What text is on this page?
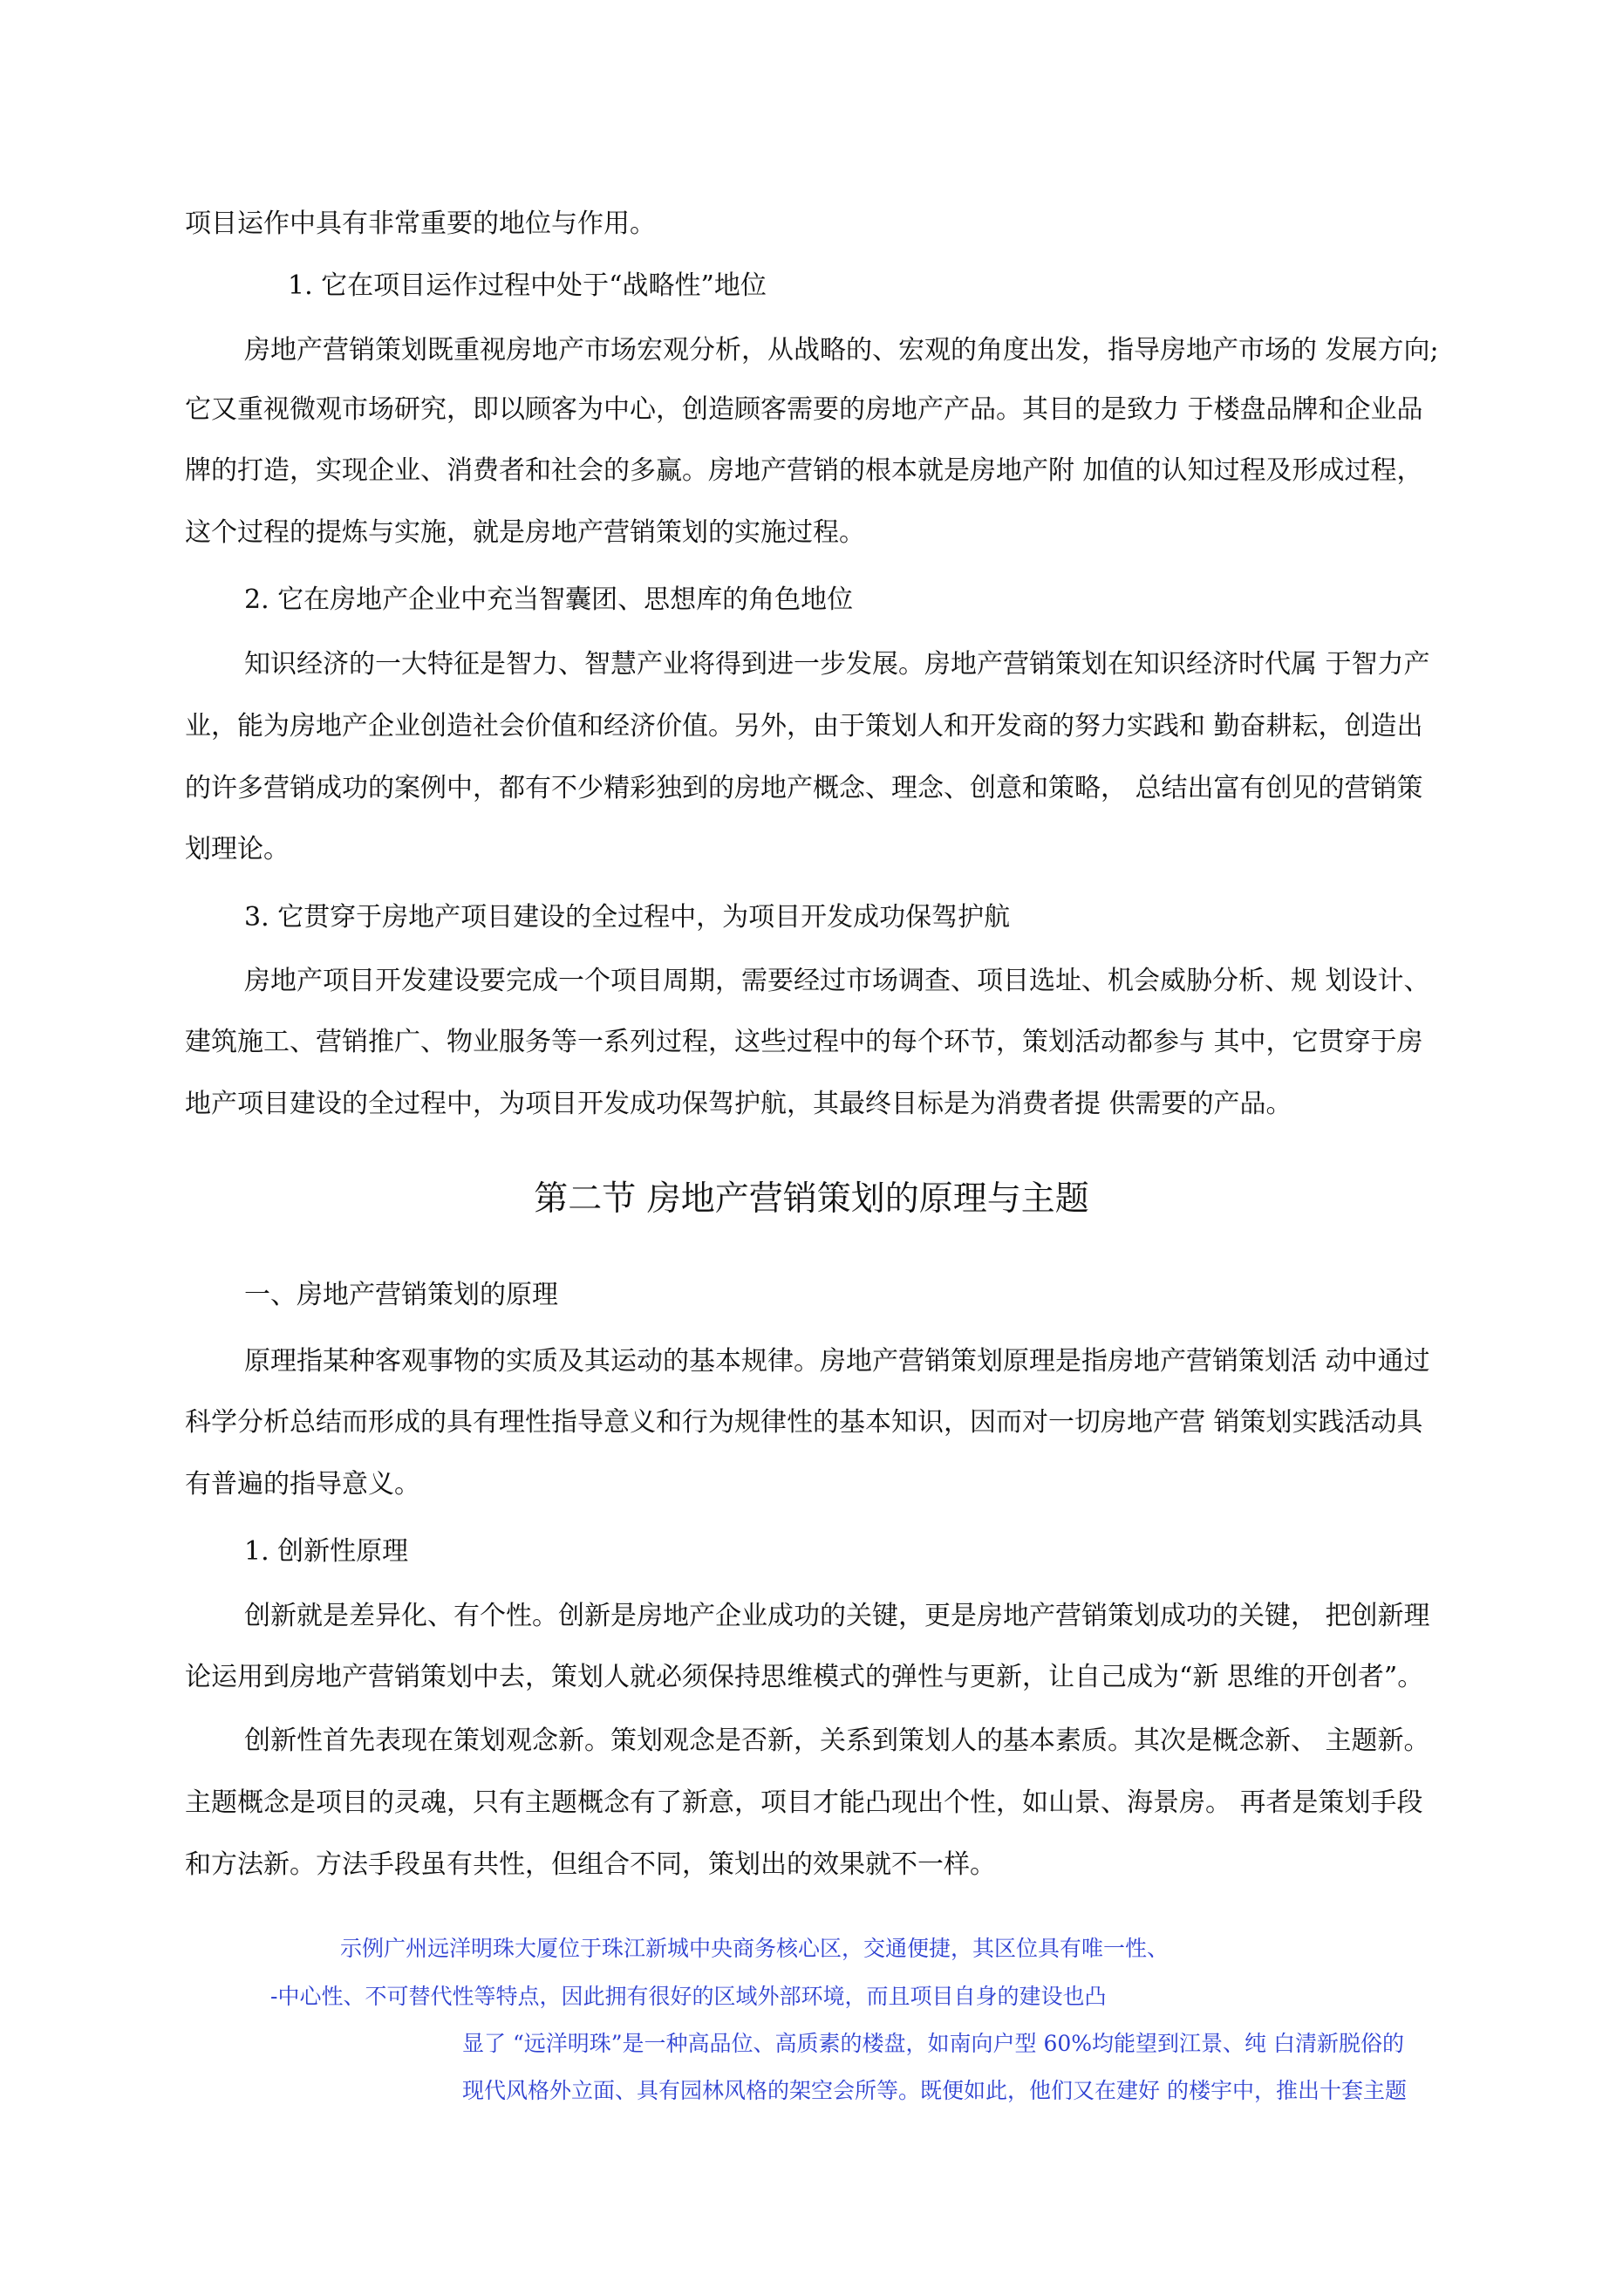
项目运作中具有非常重要的地位与作用。
1. 它在项目运作过程中处于“战略性”地位
房地产营销策划既重视房地产市场宏观分析，从战略的、宏观的角度出发，指导房地产市场的 发展方向;
它又重视微观市场研究，即以顾客为中心，创造顾客需要的房地产产品。其目的是致力 于楼盘品牌和企业品
牌的打造，实现企业、消费者和社会的多赢。房地产营销的根本就是房地产附 加值的认知过程及形成过程，
这个过程的提炼与实施，就是房地产营销策划的实施过程。
2. 它在房地产企业中充当智囊团、思想库的角色地位
知识经济的一大特征是智力、智慧产业将得到进一步发展。房地产营销策划在知识经济时代属 于智力产
业，能为房地产企业创造社会价值和经济价值。另外，由于策划人和开发商的努力实践和 勤奋耕耘，创造出
的许多营销成功的案例中，都有不少精彩独到的房地产概念、理念、创意和策略， 总结出富有创见的营销策
划理论。
3. 它贯穿于房地产项目建设的全过程中，为项目开发成功保驾护航
房地产项目开发建设要完成一个项目周期，需要经过市场调查、项目选址、机会威胁分析、规 划设计、
建筑施工、营销推广、物业服务等一系列过程，这些过程中的每个环节，策划活动都参与 其中，它贯穿于房
地产项目建设的全过程中，为项目开发成功保驾护航，其最终目标是为消费者提 供需要的产品。
第二节 房地产营销策划的原理与主题
一、房地产营销策划的原理
原理指某种客观事物的实质及其运动的基本规律。房地产营销策划原理是指房地产营销策划活 动中通过
科学分析总结而形成的具有理性指导意义和行为规律性的基本知识，因而对一切房地产营 销策划实践活动具
有普遍的指导意义。
1. 创新性原理
创新就是差异化、有个性。创新是房地产企业成功的关键，更是房地产营销策划成功的关键， 把创新理
论运用到房地产营销策划中去，策划人就必须保持思维模式的弹性与更新，让自己成为“新 思维的开创者”。
创新性首先表现在策划观念新。策划观念是否新，关系到策划人的基本素质。其次是概念新、 主题新。
主题概念是项目的灵魂，只有主题概念有了新意，项目才能凸现出个性，如山景、海景房。 再者是策划手段
和方法新。方法手段虽有共性，但组合不同，策划出的效果就不一样。
示例广州远洋明珠大厦位于珠江新城中央商务核心区，交通便捷，其区位具有唯一性、
-中心性、不可替代性等特点，因此拥有很好的区域外部环境，而且项目自身的建设也凸
显了 “远洋明珠”是一种高品位、高质素的楼盘，如南向户型 60%均能望到江景、纯 白清新脱俗的
现代风格外立面、具有园林风格的架空会所等。既便如此，他们又在建好 的楼宇中，推出十套主题
